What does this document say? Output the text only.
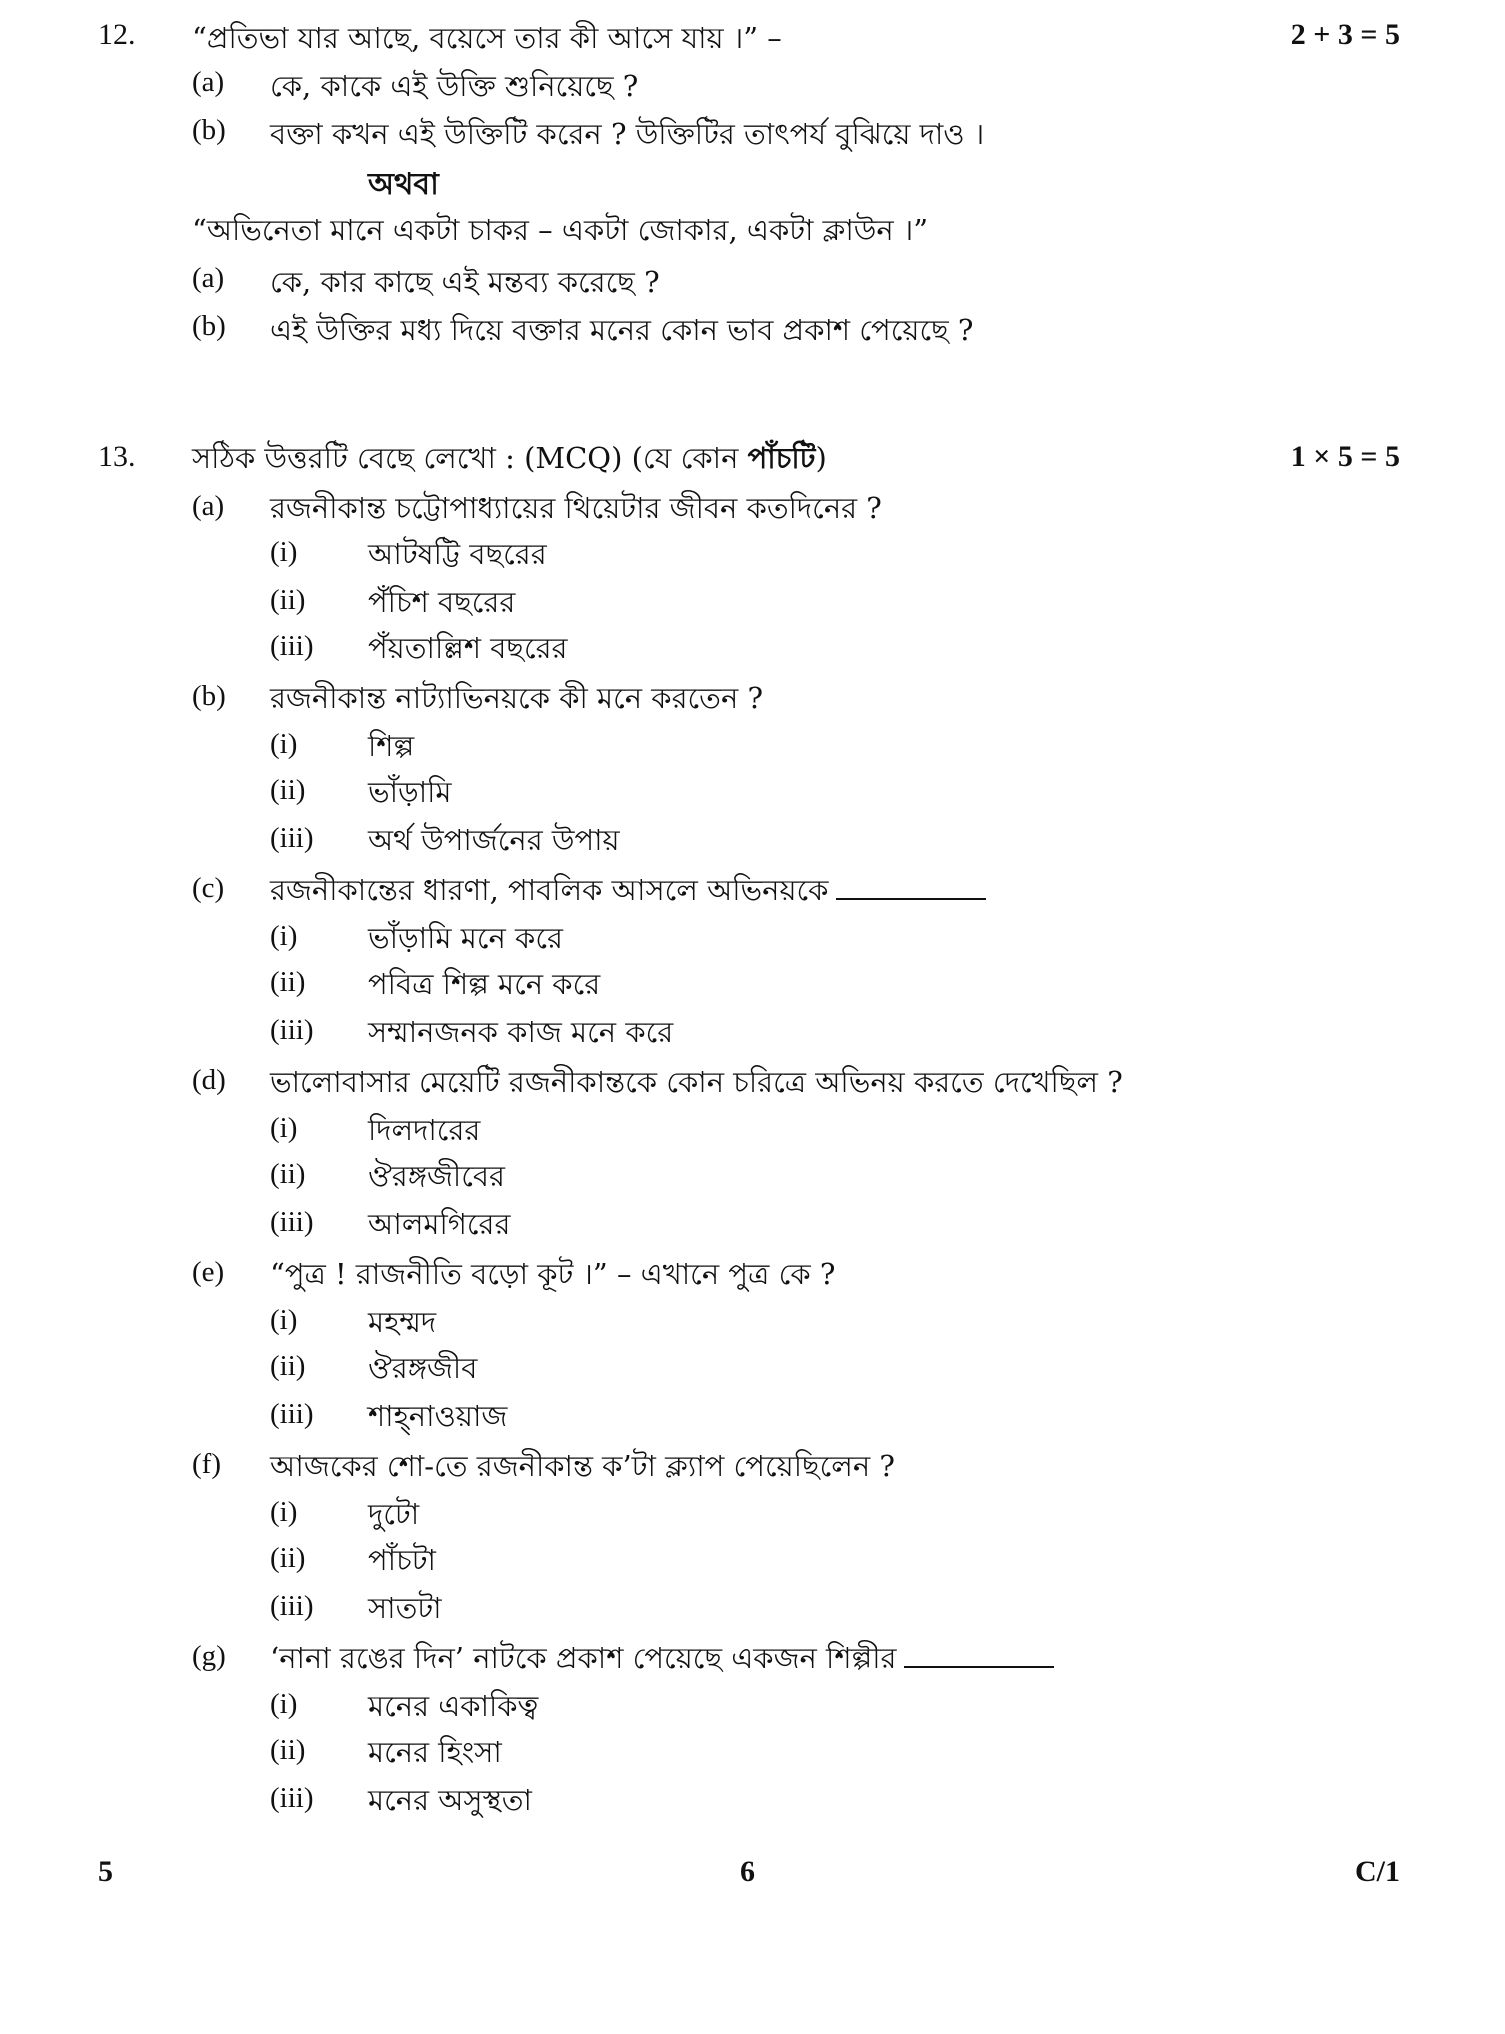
12. “প্রতিভা যার আছে, বয়েসে তার কী আসে যায় ।” –	2 + 3 = 5
(a) কে, কাকে এই উক্তি শুনিয়েছে ?
(b) বক্তা কখন এই উক্তিটি করেন ? উক্তিটির তাৎপর্য বুঝিয়ে দাও ।
অথবা
“অভিনেতা মানে একটা চাকর – একটা জোকার, একটা ক্লাউন ।”
(a) কে, কার কাছে এই মন্তব্য করেছে ?
(b) এই উক্তির মধ্য দিয়ে বক্তার মনের কোন ভাব প্রকাশ পেয়েছে ?
13. সঠিক উত্তরটি বেছে লেখো : (MCQ) (যে কোন পাঁচটি)	1 × 5 = 5
(a) রজনীকান্ত চট্টোপাধ্যায়ের থিয়েটার জীবন কতদিনের ?
(i) আটষট্টি বছরের
(ii) পঁচিশ বছরের
(iii) পঁয়তাল্লিশ বছরের
(b) রজনীকান্ত নাট্যাভিনয়কে কী মনে করতেন ?
(i) শিল্প
(ii) ভাঁড়ামি
(iii) অর্থ উপার্জনের উপায়
(c) রজনীকান্তের ধারণা, পাবলিক আসলে অভিনয়কে
(i) ভাঁড়ামি মনে করে
(ii) পবিত্র শিল্প মনে করে
(iii) সম্মানজনক কাজ মনে করে
(d) ভালোবাসার মেয়েটি রজনীকান্তকে কোন চরিত্রে অভিনয় করতে দেখেছিল ?
(i) দিলদারের
(ii) ঔরঙ্গজীবের
(iii) আলমগিরের
(e) “পুত্র ! রাজনীতি বড়ো কূট ।” – এখানে পুত্র কে ?
(i) মহম্মদ
(ii) ঔরঙ্গজীব
(iii) শাহ্‌নাওয়াজ
(f) আজকের শো-তে রজনীকান্ত ক’টা ক্ল্যাপ পেয়েছিলেন ?
(i) দুটো
(ii) পাঁচটা
(iii) সাতটা
(g) ‘নানা রঙের দিন’ নাটকে প্রকাশ পেয়েছে একজন শিল্পীর
(i) মনের একাকিত্ব
(ii) মনের হিংসা
(iii) মনের অসুস্থতা
5	6	C/1
